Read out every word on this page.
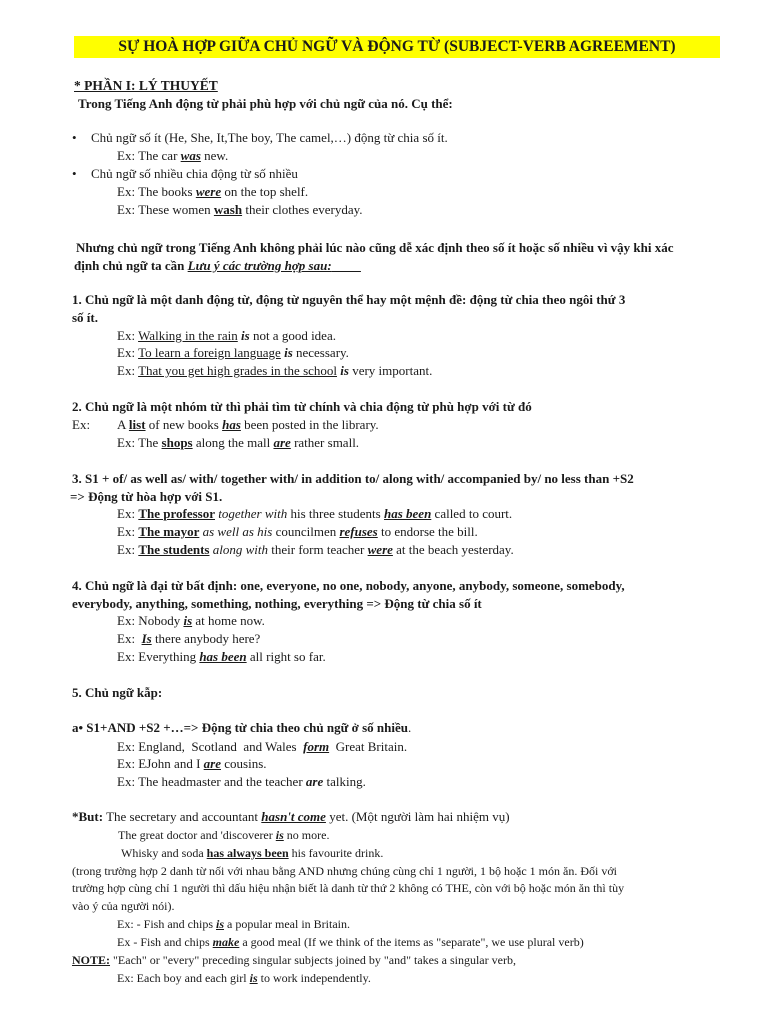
SỰ HOÀ HỢP GIỮA CHỦ NGỮ VÀ ĐỘNG TỪ (SUBJECT-VERB AGREEMENT)
* PHẦN I: LÝ THUYẾT
Trong Tiếng Anh động từ phải phù hợp với chủ ngữ của nó. Cụ thể:
• Chủ ngữ số ít (He, She, It,The boy, The camel,…) động từ chia số ít.
Ex: The car was new.
• Chủ ngữ số nhiều chia động từ số nhiều
Ex: The books were on the top shelf.
Ex: These women wash their clothes everyday.
Nhưng chủ ngữ trong Tiếng Anh không phải lúc nào cũng dễ xác định theo số ít hoặc số nhiều vì vậy khi xác
định chủ ngữ ta cần Lưu ý các trường hợp sau:
1. Chủ ngữ là một danh động từ, động từ nguyên thể hay một mệnh đề: động từ chia theo ngôi thứ 3
số ít.
Ex: Walking in the rain is not a good idea.
Ex: To learn a foreign language is necessary.
Ex: That you get high grades in the school is very important.
2. Chủ ngữ là một nhóm từ thì phải tìm từ chính và chia động từ phù hợp với từ đó
Ex: A list of new books has been posted in the library.
Ex: The shops along the mall are rather small.
3. S1 + of/ as well as/ with/ together with/ in addition to/ along with/ accompanied by/ no less than +S2
=> Động từ hòa hợp với S1.
Ex: The professor together with his three students has been called to court.
Ex: The mayor as well as his councilmen refuses to endorse the bill.
Ex: The students along with their form teacher were at the beach yesterday.
4. Chủ ngữ là đại từ bất định: one, everyone, no one, nobody, anyone, anybody, someone, somebody,
everybody, anything, something, nothing, everything => Động từ chia số ít
Ex: Nobody is at home now.
Ex:  Is there anybody here?
Ex: Everything has been all right so far.
5. Chủ ngữ kẫp:
a• S1+AND +S2 +…=> Động từ chia theo chủ ngữ ở số nhiều.
Ex: England,  Scotland  and Wales  form  Great Britain.
Ex: EJohn and I are cousins.
Ex: The headmaster and the teacher are talking.
*But: The secretary and accountant hasn't come yet. (Một người làm hai nhiệm vụ)
The great doctor and 'discoverer is no more.
Whisky and soda has always been his favourite drink.
(trong trường hợp 2 danh từ nối với nhau bằng AND nhưng chúng cùng chỉ 1 người, 1 bộ hoặc 1 món ăn. Đối với
trường hợp cùng chỉ 1 người thì dấu hiệu nhận biết là danh từ thứ 2 không có THE, còn với bộ hoặc món ăn thì tùy
vào ý của người nói).
Ex: - Fish and chips is a popular meal in Britain.
Ex - Fish and chips make a good meal (If we think of the items as "separate", we use plural verb)
NOTE: "Each" or "every" preceding singular subjects joined by "and" takes a singular verb,
Ex: Each boy and each girl is to work independently.
